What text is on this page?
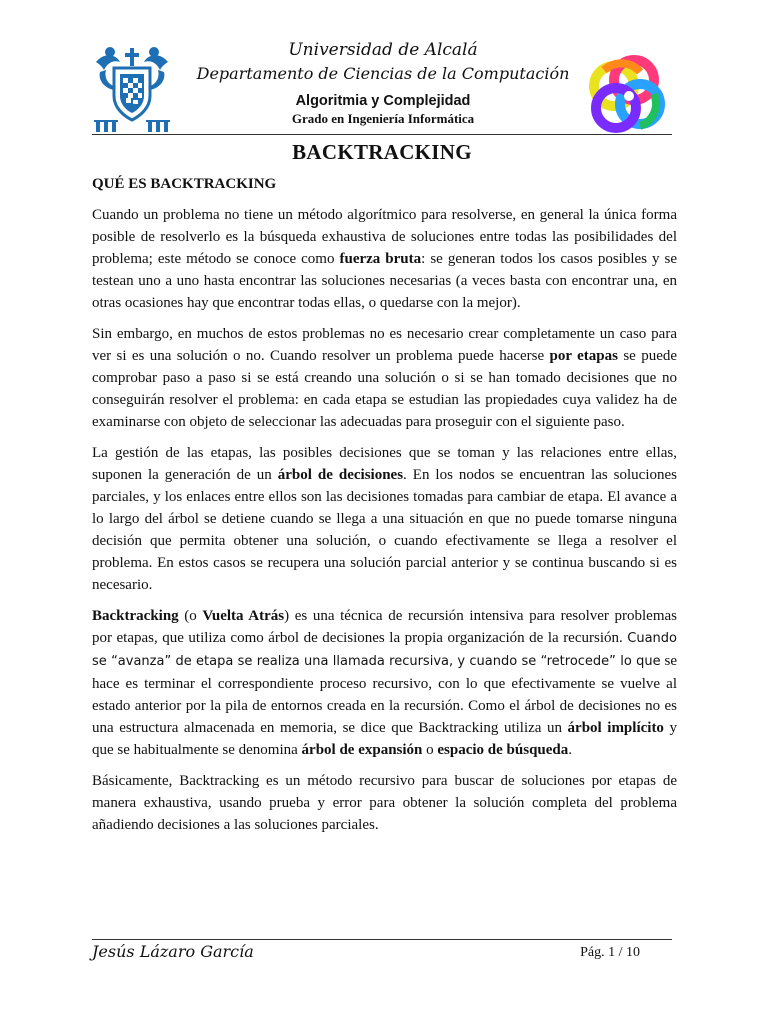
Universidad de Alcalá
Departamento de Ciencias de la Computación
Algoritmia y Complejidad
Grado en Ingeniería Informática
BACKTRACKING
QUÉ ES BACKTRACKING

Cuando un problema no tiene un método algorítmico para resolverse, en general la única forma posible de resolverlo es la búsqueda exhaustiva de soluciones entre todas las posibilidades del problema; este método se conoce como fuerza bruta: se generan todos los casos posibles y se testean uno a uno hasta encontrar las soluciones necesarias (a veces basta con encontrar una, en otras ocasiones hay que encontrar todas ellas, o quedarse con la mejor).

Sin embargo, en muchos de estos problemas no es necesario crear completamente un caso para ver si es una solución o no. Cuando resolver un problema puede hacerse por etapas se puede comprobar paso a paso si se está creando una solución o si se han tomado decisiones que no conseguirán resolver el problema: en cada etapa se estudian las propiedades cuya validez ha de examinarse con objeto de seleccionar las adecuadas para proseguir con el siguiente paso.

La gestión de las etapas, las posibles decisiones que se toman y las relaciones entre ellas, suponen la generación de un árbol de decisiones. En los nodos se encuentran las soluciones parciales, y los enlaces entre ellos son las decisiones tomadas para cambiar de etapa. El avance a lo largo del árbol se detiene cuando se llega a una situación en que no puede tomarse ninguna decisión que permita obtener una solución, o cuando efectivamente se llega a resolver el problema. En estos casos se recupera una solución parcial anterior y se continua buscando si es necesario.

Backtracking (o Vuelta Atrás) es una técnica de recursión intensiva para resolver problemas por etapas, que utiliza como árbol de decisiones la propia organización de la recursión. Cuando se “avanza” de etapa se realiza una llamada recursiva, y cuando se “retrocede” lo que se hace es terminar el correspondiente proceso recursivo, con lo que efectivamente se vuelve al estado anterior por la pila de entornos creada en la recursión. Como el árbol de decisiones no es una estructura almacenada en memoria, se dice que Backtracking utiliza un árbol implícito y que se habitualmente se denomina árbol de expansión o espacio de búsqueda.

Básicamente, Backtracking es un método recursivo para buscar de soluciones por etapas de manera exhaustiva, usando prueba y error para obtener la solución completa del problema añadiendo decisiones a las soluciones parciales.

Jesús Lázaro García	Pág. 1 / 10
